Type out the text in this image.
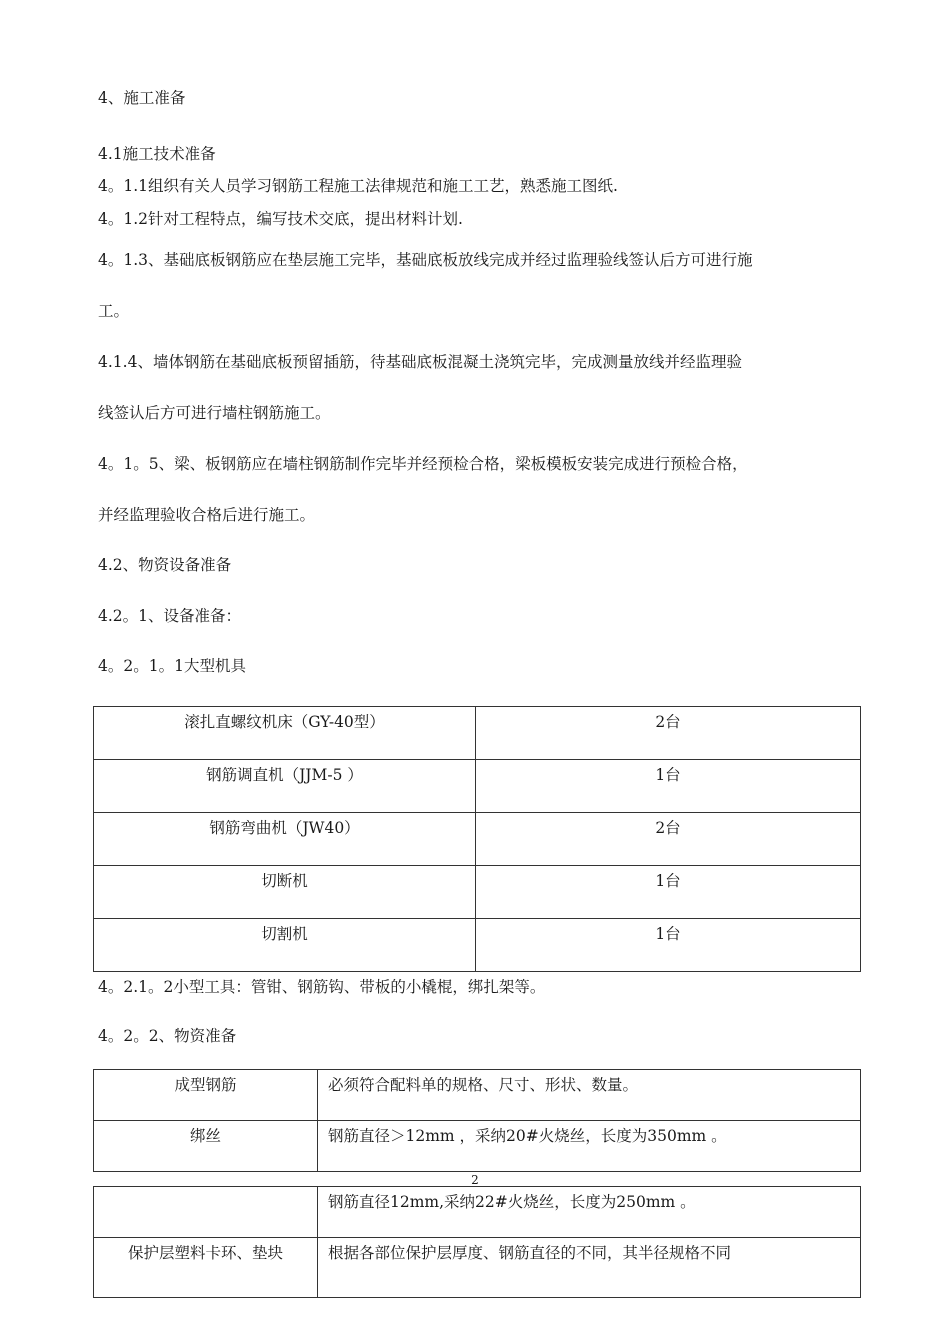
4、施工准备
4.1施工技术准备
4。1.1组织有关人员学习钢筋工程施工法律规范和施工工艺，熟悉施工图纸.
4。1.2针对工程特点，编写技术交底，提出材料计划.
4。1.3、基础底板钢筋应在垫层施工完毕，基础底板放线完成并经过监理验线签认后方可进行施
工。
4.1.4、墙体钢筋在基础底板预留插筋，待基础底板混凝土浇筑完毕，完成测量放线并经监理验
线签认后方可进行墙柱钢筋施工。
4。1。5、梁、板钢筋应在墙柱钢筋制作完毕并经预检合格，梁板模板安装完成进行预检合格，
并经监理验收合格后进行施工。
4.2、物资设备准备
4.2。1、设备准备：
4。2。1。1大型机具
滚扎直螺纹机床（GY-40型）	2台
钢筋调直机（JJM-5 ）	1台
钢筋弯曲机（JW40）	2台
切断机	1台
切割机	1台
4。2.1。2小型工具：管钳、钢筋钩、带板的小橇棍，绑扎架等。
4。2。2、物资准备
成型钢筋	必须符合配料单的规格、尺寸、形状、数量。
绑丝	钢筋直径＞12mm ，采纳20#火烧丝，长度为350mm 。
2
	钢筋直径12mm,采纳22#火烧丝，长度为250mm 。
保护层塑料卡环、垫块	根据各部位保护层厚度、钢筋直径的不同，其半径规格不同
